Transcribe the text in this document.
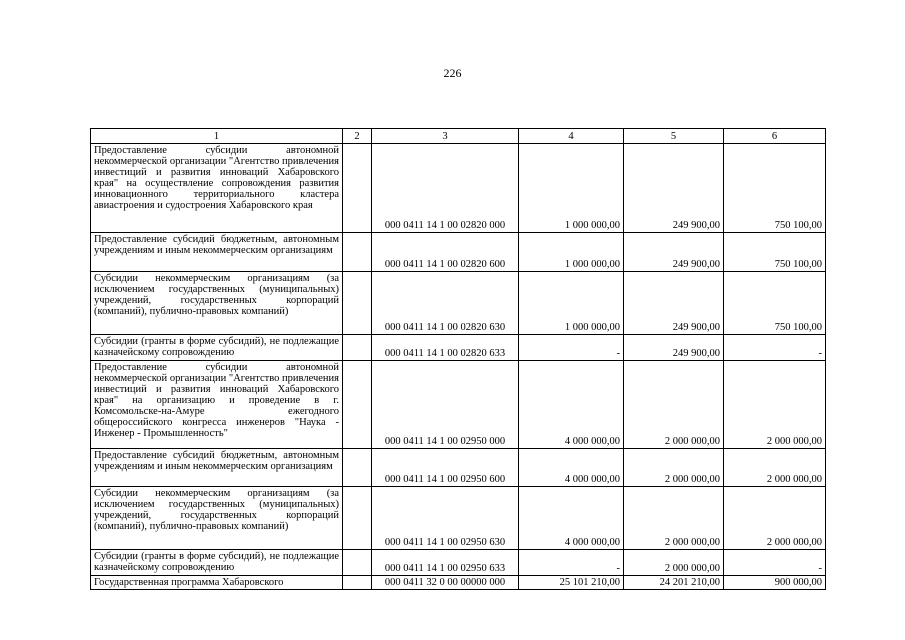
226
1	2	3	4	5	6
Предоставление субсидии автономной некоммерческой организации "Агентство привлечения инвестиций и развития инноваций Хабаровского края" на осуществление сопровождения развития инновационного территориального кластера авиастроения и судостроения Хабаровского края		000 0411 14 1 00 02820 000	1 000 000,00	249 900,00	750 100,00
Предоставление субсидий бюджетным, автономным учреждениям и иным некоммерческим организациям		000 0411 14 1 00 02820 600	1 000 000,00	249 900,00	750 100,00
Субсидии некоммерческим организациям (за исключением государственных (муниципальных) учреждений, государственных корпораций (компаний), публично-правовых компаний)		000 0411 14 1 00 02820 630	1 000 000,00	249 900,00	750 100,00
Субсидии (гранты в форме субсидий), не подлежащие казначейскому сопровождению		000 0411 14 1 00 02820 633	-	249 900,00	-
Предоставление субсидии автономной некоммерческой организации "Агентство привлечения инвестиций и развития инноваций Хабаровского края" на организацию и проведение в г. Комсомольске-на-Амуре ежегодного общероссийского конгресса инженеров "Наука - Инженер - Промышленность"		000 0411 14 1 00 02950 000	4 000 000,00	2 000 000,00	2 000 000,00
Предоставление субсидий бюджетным, автономным учреждениям и иным некоммерческим организациям		000 0411 14 1 00 02950 600	4 000 000,00	2 000 000,00	2 000 000,00
Субсидии некоммерческим организациям (за исключением государственных (муниципальных) учреждений, государственных корпораций (компаний), публично-правовых компаний)		000 0411 14 1 00 02950 630	4 000 000,00	2 000 000,00	2 000 000,00
Субсидии (гранты в форме субсидий), не подлежащие казначейскому сопровождению		000 0411 14 1 00 02950 633	-	2 000 000,00	-
Государственная программа Хабаровского		000 0411 32 0 00 00000 000	25 101 210,00	24 201 210,00	900 000,00
